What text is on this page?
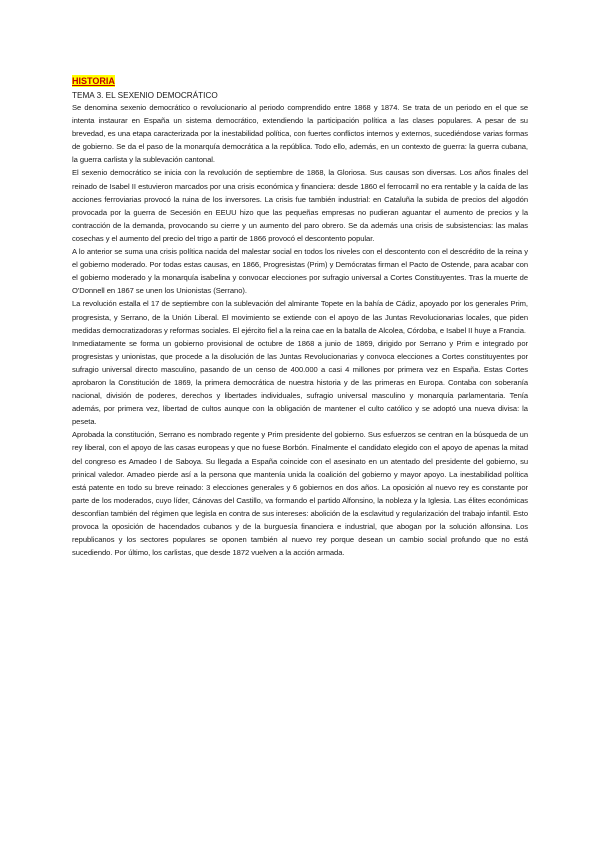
HISTORIA
TEMA 3. EL SEXENIO DEMOCRÁTICO

Se denomina sexenio democrático o revolucionario al periodo comprendido entre 1868 y 1874. Se trata de un periodo en el que se intenta instaurar en España un sistema democrático, extendiendo la participación política a las clases populares. A pesar de su brevedad, es una etapa caracterizada por la inestabilidad política, con fuertes conflictos internos y externos, sucediéndose varias formas de gobierno. Se da el paso de la monarquía democrática a la república. Todo ello, además, en un contexto de guerra: la guerra cubana, la guerra carlista y la sublevación cantonal.

El sexenio democrático se inicia con la revolución de septiembre de 1868, la Gloriosa. Sus causas son diversas. Los años finales del reinado de Isabel II estuvieron marcados por una crisis económica y financiera: desde 1860 el ferrocarril no era rentable y la caída de las acciones ferroviarias provocó la ruina de los inversores. La crisis fue también industrial: en Cataluña la subida de precios del algodón provocada por la guerra de Secesión en EEUU hizo que las pequeñas empresas no pudieran aguantar el aumento de precios y la contracción de la demanda, provocando su cierre y un aumento del paro obrero. Se da además una crisis de subsistencias: las malas cosechas y el aumento del precio del trigo a partir de 1866 provocó el descontento popular.

A lo anterior se suma una crisis política nacida del malestar social en todos los niveles con el descontento con el descrédito de la reina y el gobierno moderado. Por todas estas causas, en 1866, Progresistas (Prim) y Demócratas firman el Pacto de Ostende, para acabar con el gobierno moderado y la monarquía isabelina y convocar elecciones por sufragio universal a Cortes Constituyentes. Tras la muerte de O'Donnell en 1867 se unen los Unionistas (Serrano).

La revolución estalla el 17 de septiembre con la sublevación del almirante Topete en la bahía de Cádiz, apoyado por los generales Prim, progresista, y Serrano, de la Unión Liberal. El movimiento se extiende con el apoyo de las Juntas Revolucionarias locales, que piden medidas democratizadoras y reformas sociales. El ejército fiel a la reina cae en la batalla de Alcolea, Córdoba, e Isabel II huye a Francia.

Inmediatamente se forma un gobierno provisional de octubre de 1868 a junio de 1869, dirigido por Serrano y Prim e integrado por progresistas y unionistas, que procede a la disolución de las Juntas Revolucionarias y convoca elecciones a Cortes constituyentes por sufragio universal directo masculino, pasando de un censo de 400.000 a casi 4 millones por primera vez en España. Estas Cortes aprobaron la Constitución de 1869, la primera democrática de nuestra historia y de las primeras en Europa. Contaba con soberanía nacional, división de poderes, derechos y libertades individuales, sufragio universal masculino y monarquía parlamentaria. Tenía además, por primera vez, libertad de cultos aunque con la obligación de mantener el culto católico y se adoptó una nueva divisa: la peseta.

Aprobada la constitución, Serrano es nombrado regente y Prim presidente del gobierno. Sus esfuerzos se centran en la búsqueda de un rey liberal, con el apoyo de las casas europeas y que no fuese Borbón. Finalmente el candidato elegido con el apoyo de apenas la mitad del congreso es Amadeo I de Saboya. Su llegada a España coincide con el asesinato en un atentado del presidente del gobierno, su prinical valedor. Amadeo pierde así a la persona que mantenía unida la coalición del gobierno y mayor apoyo. La inestabilidad política está patente en todo su breve reinado: 3 elecciones generales y 6 gobiernos en dos años. La oposición al nuevo rey es constante por parte de los moderados, cuyo líder, Cánovas del Castillo, va formando el partido Alfonsino, la nobleza y la Iglesia. Las élites económicas desconfían también del régimen que legisla en contra de sus intereses: abolición de la esclavitud y regularización del trabajo infantil. Esto provoca la oposición de hacendados cubanos y de la burguesía financiera e industrial, que abogan por la solución alfonsina. Los republicanos y los sectores populares se oponen también al nuevo rey porque desean un cambio social profundo que no está sucediendo. Por último, los carlistas, que desde 1872 vuelven a la acción armada.
